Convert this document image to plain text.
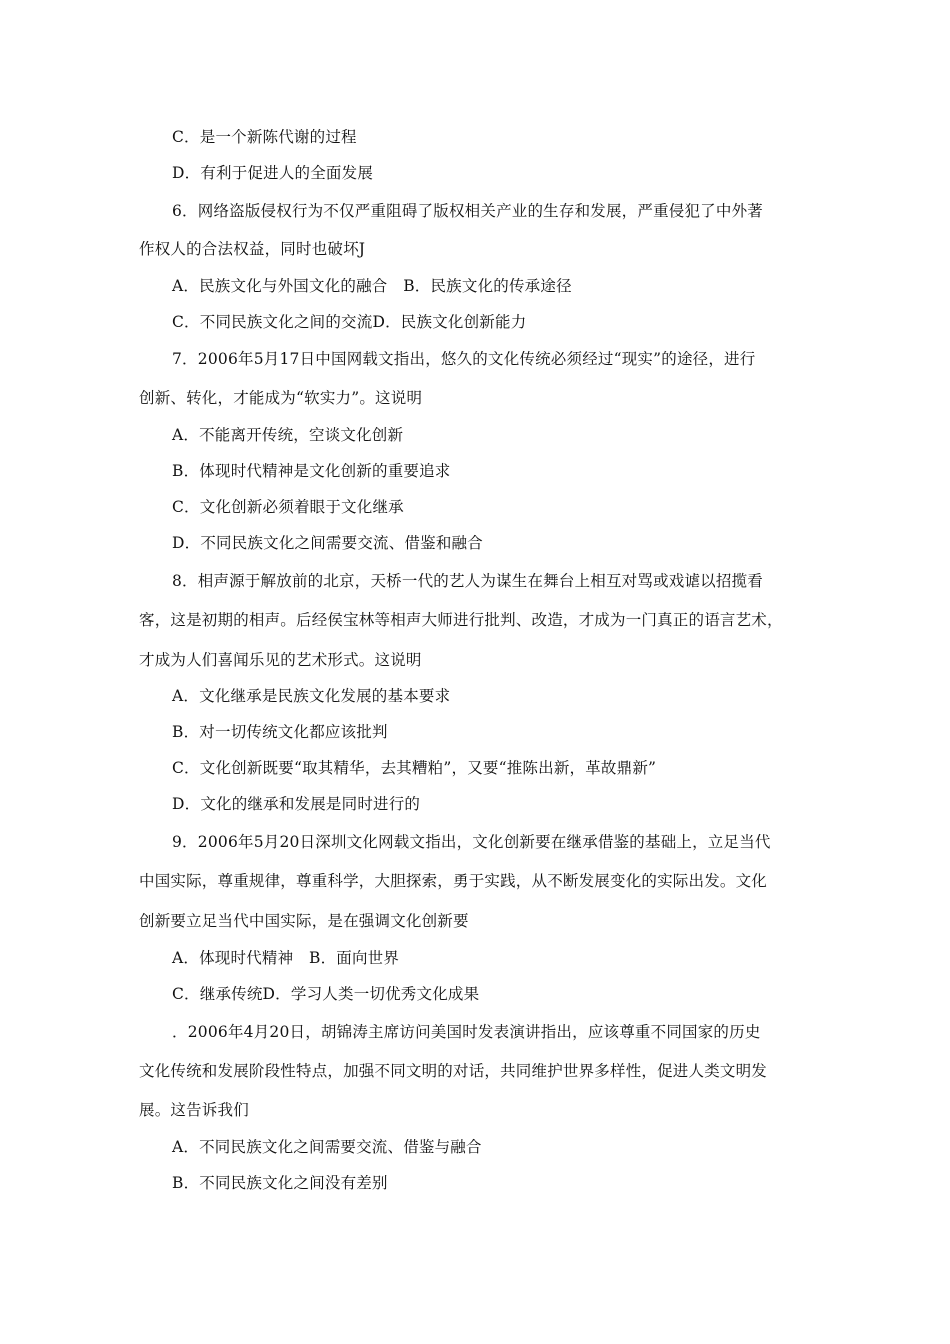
C．是一个新陈代谢的过程
D．有利于促进人的全面发展
6．网络盗版侵权行为不仅严重阻碍了版权相关产业的生存和发展，严重侵犯了中外著
作权人的合法权益，同时也破坏J
A．民族文化与外国文化的融合　B．民族文化的传承途径
C．不同民族文化之间的交流D．民族文化创新能力
7．2006年5月17日中国网载文指出，悠久的文化传统必须经过“现实”的途径，进行
创新、转化，才能成为“软实力”。这说明
A．不能离开传统，空谈文化创新
B．体现时代精神是文化创新的重要追求
C．文化创新必须着眼于文化继承
D．不同民族文化之间需要交流、借鉴和融合
8．相声源于解放前的北京，天桥一代的艺人为谋生在舞台上相互对骂或戏谑以招揽看
客，这是初期的相声。后经侯宝林等相声大师进行批判、改造，才成为一门真正的语言艺术，
才成为人们喜闻乐见的艺术形式。这说明
A．文化继承是民族文化发展的基本要求
B．对一切传统文化都应该批判
C．文化创新既要“取其精华，去其糟粕”，又要“推陈出新，革故鼎新”
D．文化的继承和发展是同时进行的
9．2006年5月20日深圳文化网载文指出，文化创新要在继承借鉴的基础上，立足当代
中国实际，尊重规律，尊重科学，大胆探索，勇于实践，从不断发展变化的实际出发。文化
创新要立足当代中国实际，是在强调文化创新要
A．体现时代精神　B．面向世界
C．继承传统D．学习人类一切优秀文化成果
．2006年4月20日，胡锦涛主席访问美国时发表演讲指出，应该尊重不同国家的历史
文化传统和发展阶段性特点，加强不同文明的对话，共同维护世界多样性，促进人类文明发
展。这告诉我们
A．不同民族文化之间需要交流、借鉴与融合
B．不同民族文化之间没有差别
